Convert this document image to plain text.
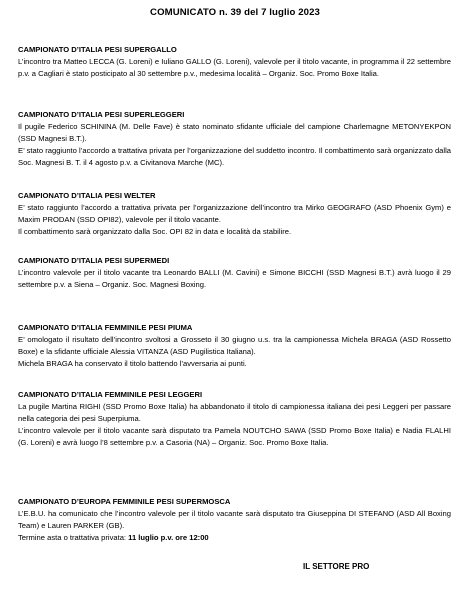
COMUNICATO n. 39 del 7 luglio 2023
CAMPIONATO D’ITALIA PESI SUPERGALLO

L’incontro tra Matteo LECCA (G. Loreni) e Iuliano GALLO (G. Loreni), valevole per il titolo vacante, in programma il 22 settembre p.v. a Cagliari è stato posticipato al 30 settembre p.v., medesima località – Organiz. Soc. Promo Boxe Italia.

CAMPIONATO D’ITALIA PESI SUPERLEGGERI

Il pugile Federico SCHININA (M. Delle Fave) è stato nominato sfidante ufficiale del campione Charlemagne METONYEKPON (SSD Magnesi B.T.).

E’ stato raggiunto l’accordo a trattativa privata per l’organizzazione del suddetto incontro. Il combattimento sarà organizzato dalla Soc. Magnesi B. T. il 4 agosto p.v. a Civitanova Marche (MC).

CAMPIONATO D’ITALIA PESI WELTER

E’ stato raggiunto l’accordo a trattativa privata per l’organizzazione dell’incontro tra Mirko GEOGRAFO (ASD Phoenix Gym) e Maxim PRODAN (SSD OPI82), valevole per il titolo vacante.

Il combattimento sarà organizzato dalla Soc. OPI 82 in data e località da stabilire.

CAMPIONATO D’ITALIA PESI SUPERMEDI

L’incontro valevole per il titolo vacante tra Leonardo BALLI (M. Cavini) e Simone BICCHI (SSD Magnesi B.T.) avrà luogo il 29 settembre p.v. a Siena – Organiz. Soc. Magnesi Boxing.

CAMPIONATO D’ITALIA FEMMINILE PESI PIUMA

E’ omologato il risultato dell’incontro svoltosi a Grosseto il 30 giugno u.s. tra la campionessa Michela BRAGA (ASD Rossetto Boxe) e la sfidante ufficiale Alessia VITANZA (ASD Pugilistica Italiana).

Michela BRAGA ha conservato il titolo battendo l’avversaria ai punti.

CAMPIONATO D’ITALIA FEMMINILE PESI LEGGERI

La pugile Martina RIGHI (SSD Promo Boxe Italia) ha abbandonato il titolo di campionessa italiana dei pesi Leggeri per passare nella categoria dei pesi Superpiuma.

L’incontro valevole per il titolo vacante sarà disputato tra Pamela NOUTCHO SAWA (SSD Promo Boxe Italia) e Nadia FLALHI (G. Loreni) e avrà luogo l’8 settembre p.v. a Casoria (NA) – Organiz. Soc. Promo Boxe Italia.

CAMPIONATO D’EUROPA FEMMINILE PESI SUPERMOSCA

L’E.B.U. ha comunicato che l’incontro valevole per il titolo vacante sarà disputato tra Giuseppina DI STEFANO (ASD All Boxing Team) e Lauren PARKER (GB).

Termine asta o trattativa privata: 11 luglio p.v. ore 12:00

IL SETTORE PRO
